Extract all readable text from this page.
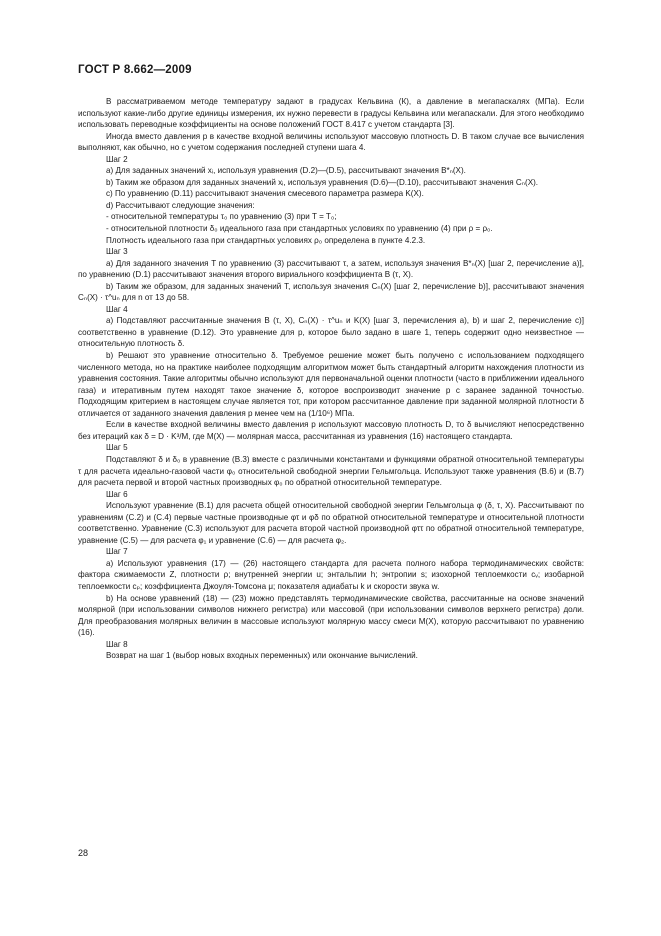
ГОСТ Р 8.662—2009

В рассматриваемом методе температуру задают в градусах Кельвина (К), а давление в мегапаскалях (МПа). Если используют какие-либо другие единицы измерения, их нужно перевести в градусы Кельвина или мегапаскали. Для этого необходимо использовать переводные коэффициенты на основе положений ГОСТ 8.417 с учетом стандарта [3].

Иногда вместо давления p в качестве входной величины используют массовую плотность D. В таком случае все вычисления выполняют, как обычно, но с учетом содержания последней ступени шага 4.

Шаг 2

а) Для заданных значений xᵢ, используя уравнения (D.2)—(D.5), рассчитывают значения B*ₙ(X).

b) Таким же образом для заданных значений xᵢ, используя уравнения (D.6)—(D.10), рассчитывают значения Cₙ(X).

c) По уравнению (D.11) рассчитывают значения смесевого параметра размера K(X).

d) Рассчитывают следующие значения:

- относительной температуры τ₀ по уравнению (3) при T = T₀;

- относительной плотности δ₀ идеального газа при стандартных условиях по уравнению (4) при ρ = ρ₀.

Плотность идеального газа при стандартных условиях ρ₀ определена в пункте 4.2.3.

Шаг 3

а) Для заданного значения T по уравнению (3) рассчитывают τ, а затем, используя значения B*ₙ(X) [шаг 2, перечисление а)], по уравнению (D.1) рассчитывают значения второго вириального коэффициента B (τ, X).

b) Таким же образом, для заданных значений T, используя значения Cₙ(X) [шаг 2, перечисление b)], рассчитывают значения Cₙ(X) · τ^uₙ для n от 13 до 58.

Шаг 4

а) Подставляют рассчитанные значения B (τ, X), Cₙ(X) · τ^uₙ и K(X) [шаг 3, перечисления а), b) и шаг 2, перечисление с)] соответственно в уравнение (D.12). Это уравнение для p, которое было задано в шаге 1, теперь содержит одно неизвестное — относительную плотность δ.

b) Решают это уравнение относительно δ. Требуемое решение может быть получено с использованием подходящего численного метода, но на практике наиболее подходящим алгоритмом может быть стандартный алгоритм нахождения плотности из уравнения состояния. Такие алгоритмы обычно используют для первоначальной оценки плотности (часто в приближении идеального газа) и итеративным путем находят такое значение δ, которое воспроизводит значение p с заранее заданной точностью. Подходящим критерием в настоящем случае является тот, при котором рассчитанное давление при заданной молярной плотности δ отличается от заданного значения давления p менее чем на (1/10⁶) МПа.

Если в качестве входной величины вместо давления p используют массовую плотность D, то δ вычисляют непосредственно без итераций как δ = D · K³/M, где M(X) — молярная масса, рассчитанная из уравнения (16) настоящего стандарта.

Шаг 5

Подставляют δ и δ₀ в уравнение (В.3) вместе с различными константами и функциями обратной относительной температуры τ для расчета идеально-газовой части φ₀ относительной свободной энергии Гельмгольца. Используют также уравнения (В.6) и (В.7) для расчета первой и второй частных производных φ₀ по обратной относительной температуре.

Шаг 6

Используют уравнение (В.1) для расчета общей относительной свободной энергии Гельмгольца φ (δ, τ, X). Рассчитывают по уравнениям (С.2) и (С.4) первые частные производные φτ и φδ по обратной относительной температуре и относительной плотности соответственно. Уравнение (С.3) используют для расчета второй частной производной φττ по обратной относительной температуре, уравнение (С.5) — для расчета φ₁ и уравнение (С.6) — для расчета φ₂.

Шаг 7

а) Используют уравнения (17) — (26) настоящего стандарта для расчета полного набора термодинамических свойств: фактора сжимаемости Z, плотности ρ; внутренней энергии u; энтальпии h; энтропии s; изохорной теплоемкости cᵥ; изобарной теплоемкости cₚ; коэффициента Джоуля-Томсона μ; показателя адиабаты k и скорости звука w.

b) На основе уравнений (18) — (23) можно представлять термодинамические свойства, рассчитанные на основе значений молярной (при использовании символов нижнего регистра) или массовой (при использовании символов верхнего регистра) доли. Для преобразования молярных величин в массовые используют молярную массу смеси M(X), которую рассчитывают по уравнению (16).

Шаг 8

Возврат на шаг 1 (выбор новых входных переменных) или окончание вычислений.

28
